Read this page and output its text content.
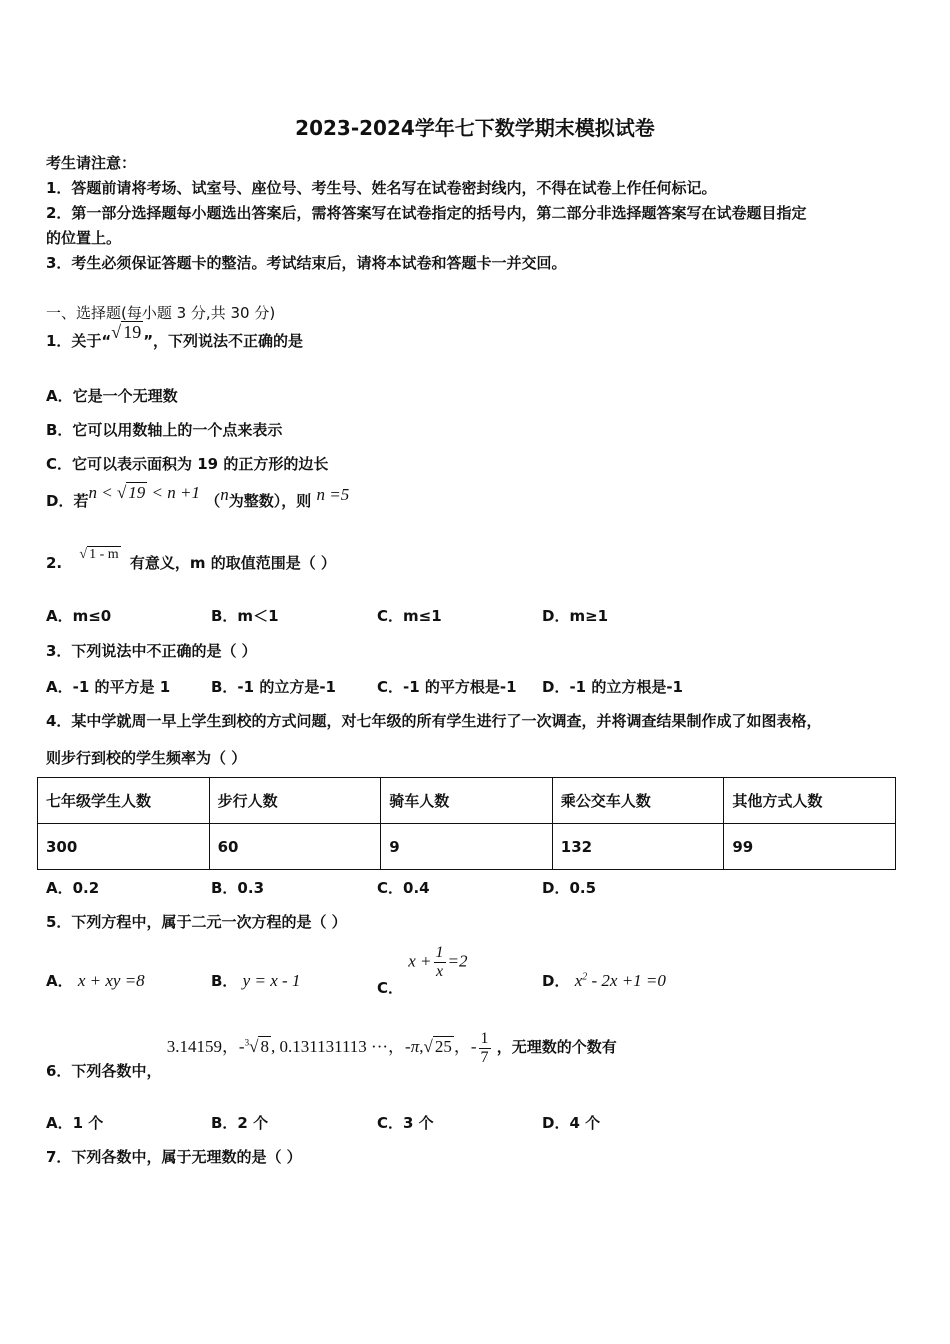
2023-2024学年七下数学期末模拟试卷
考生请注意：
1．答题前请将考场、试室号、座位号、考生号、姓名写在试卷密封线内，不得在试卷上作任何标记。
2．第一部分选择题每小题选出答案后，需将答案写在试卷指定的括号内，第二部分非选择题答案写在试卷题目指定
的位置上。
3．考生必须保证答题卡的整洁。考试结束后，请将本试卷和答题卡一并交回。
一、选择题(每小题 3 分,共 30 分)
1．关于“√ 19 ”，下列说法不正确的是
A．它是一个无理数
B．它可以用数轴上的一个点来表示
C．它可以表示面积为 19 的正方形的边长
D．若n < √ 19 < n +1 （n为整数），则 n =5
2. √ 1 - m 有意义，m 的取值范围是（ ）
A．m≤0	B．m＜1	C．m≤1	D．m≥1
3．下列说法中不正确的是（ ）
A．-1 的平方是 1	B．-1 的立方是-1	C．-1 的平方根是-1 D．-1 的立方根是-1
4．某中学就周一早上学生到校的方式问题，对七年级的所有学生进行了一次调查，并将调查结果制作成了如图表格，
则步行到校的学生频率为（ ）
七年级学生人数	步行人数	骑车人数	乘公交车人数	其他方式人数
300	60	9	132	99
A．0.2	B．0.3	C．0.4	D．0.5
5．下列方程中，属于二元一次方程的是（ ）
A． x + xy =8	B． y = x - 1	C． $x + \frac{1}{x} =2$
D． $x^2 - 2x +1 =0$
6．下列各数中， 3.14159，-$^3$√ 8 , 0.131131113 ···，-π,√ 25 ，- $\frac{1}{7}$ ，无理数的个数有
A．1 个	B．2 个	C．3 个	D．4 个
7．下列各数中，属于无理数的是（ ）
